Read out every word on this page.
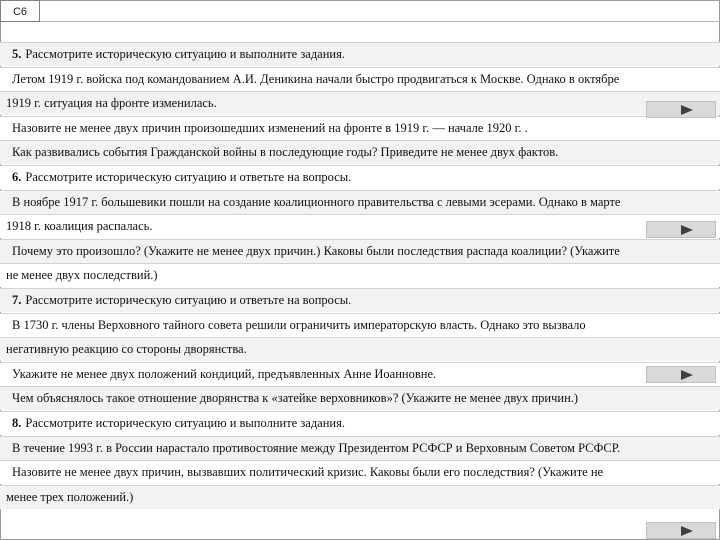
С6
5. Рассмотрите историческую ситуацию и выполните задания.
Летом 1919 г. войска под командованием А.И. Деникина начали быстро продвигаться к Москве. Однако в октябре
1919 г. ситуация на фронте изменилась.
Назовите не менее двух причин произошедших изменений на фронте в 1919 г. — начале 1920 г. .
Как развивались события Гражданской войны в последующие годы? Приведите не менее двух фактов.
6. Рассмотрите историческую ситуацию и ответьте на вопросы.
В ноябре 1917 г. большевики пошли на создание коалиционного правительства с левыми эсерами. Однако в марте
1918 г. коалиция распалась.
Почему это произошло? (Укажите не менее двух причин.) Каковы были последствия распада коалиции? (Укажите
не менее двух последствий.)
7. Рассмотрите историческую ситуацию и ответьте на вопросы.
В 1730 г. члены Верховного тайного совета решили ограничить императорскую власть. Однако это вызвало
негативную реакцию со стороны дворянства.
Укажите не менее двух положений кондиций, предъявленных Анне Иоанновне.
Чем объяснялось такое отношение дворянства к «затейке верховников»? (Укажите не менее двух причин.)
8. Рассмотрите историческую ситуацию и выполните задания.
В течение 1993 г. в России нарастало противостояние между Президентом РСФСР и Верховным Советом РСФСР.
Назовите не менее двух причин, вызвавших политический кризис. Каковы были его последствия? (Укажите не
менее трех положений.)
